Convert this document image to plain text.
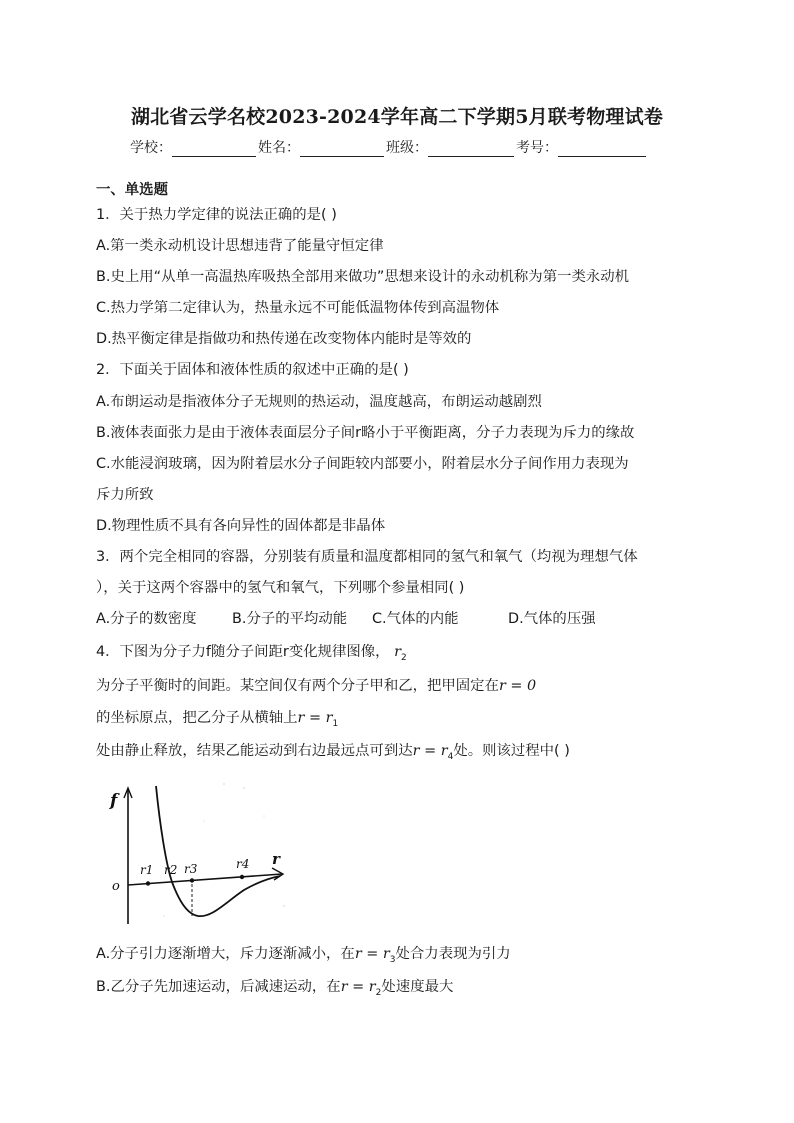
湖北省云学名校2023-2024学年高二下学期5月联考物理试卷
学校：	姓名：	班级：	考号：
一、单选题
1．关于热力学定律的说法正确的是( )
A.第一类永动机设计思想违背了能量守恒定律
B.史上用“从单一高温热库吸热全部用来做功”思想来设计的永动机称为第一类永动机
C.热力学第二定律认为，热量永远不可能低温物体传到高温物体
D.热平衡定律是指做功和热传递在改变物体内能时是等效的
2．下面关于固体和液体性质的叙述中正确的是( )
A.布朗运动是指液体分子无规则的热运动，温度越高，布朗运动越剧烈
B.液体表面张力是由于液体表面层分子间r略小于平衡距离，分子力表现为斥力的缘故
C.水能浸润玻璃，因为附着层水分子间距较内部要小，附着层水分子间作用力表现为
斥力所致
D.物理性质不具有各向异性的固体都是非晶体
3．两个完全相同的容器，分别装有质量和温度都相同的氢气和氧气（均视为理想气体
），关于这两个容器中的氢气和氧气，下列哪个参量相同( )
A.分子的数密度 B.分子的平均动能 C.气体的内能	D.气体的压强
4．下图为分子力f随分子间距r变化规律图像， $r_2$
为分子平衡时的间距。某空间仅有两个分子甲和乙，把甲固定在r = 0
的坐标原点，把乙分子从横轴上$r = r_1$
处由静止释放，结果乙能运动到右边最远点可到达$r = r_4$处。则该过程中( )
f
r
o
r1 r2 r3	r4
A.分子引力逐渐增大，斥力逐渐减小，在$r = r_3$处合力表现为引力
B.乙分子先加速运动，后减速运动，在$r = r_2$处速度最大
